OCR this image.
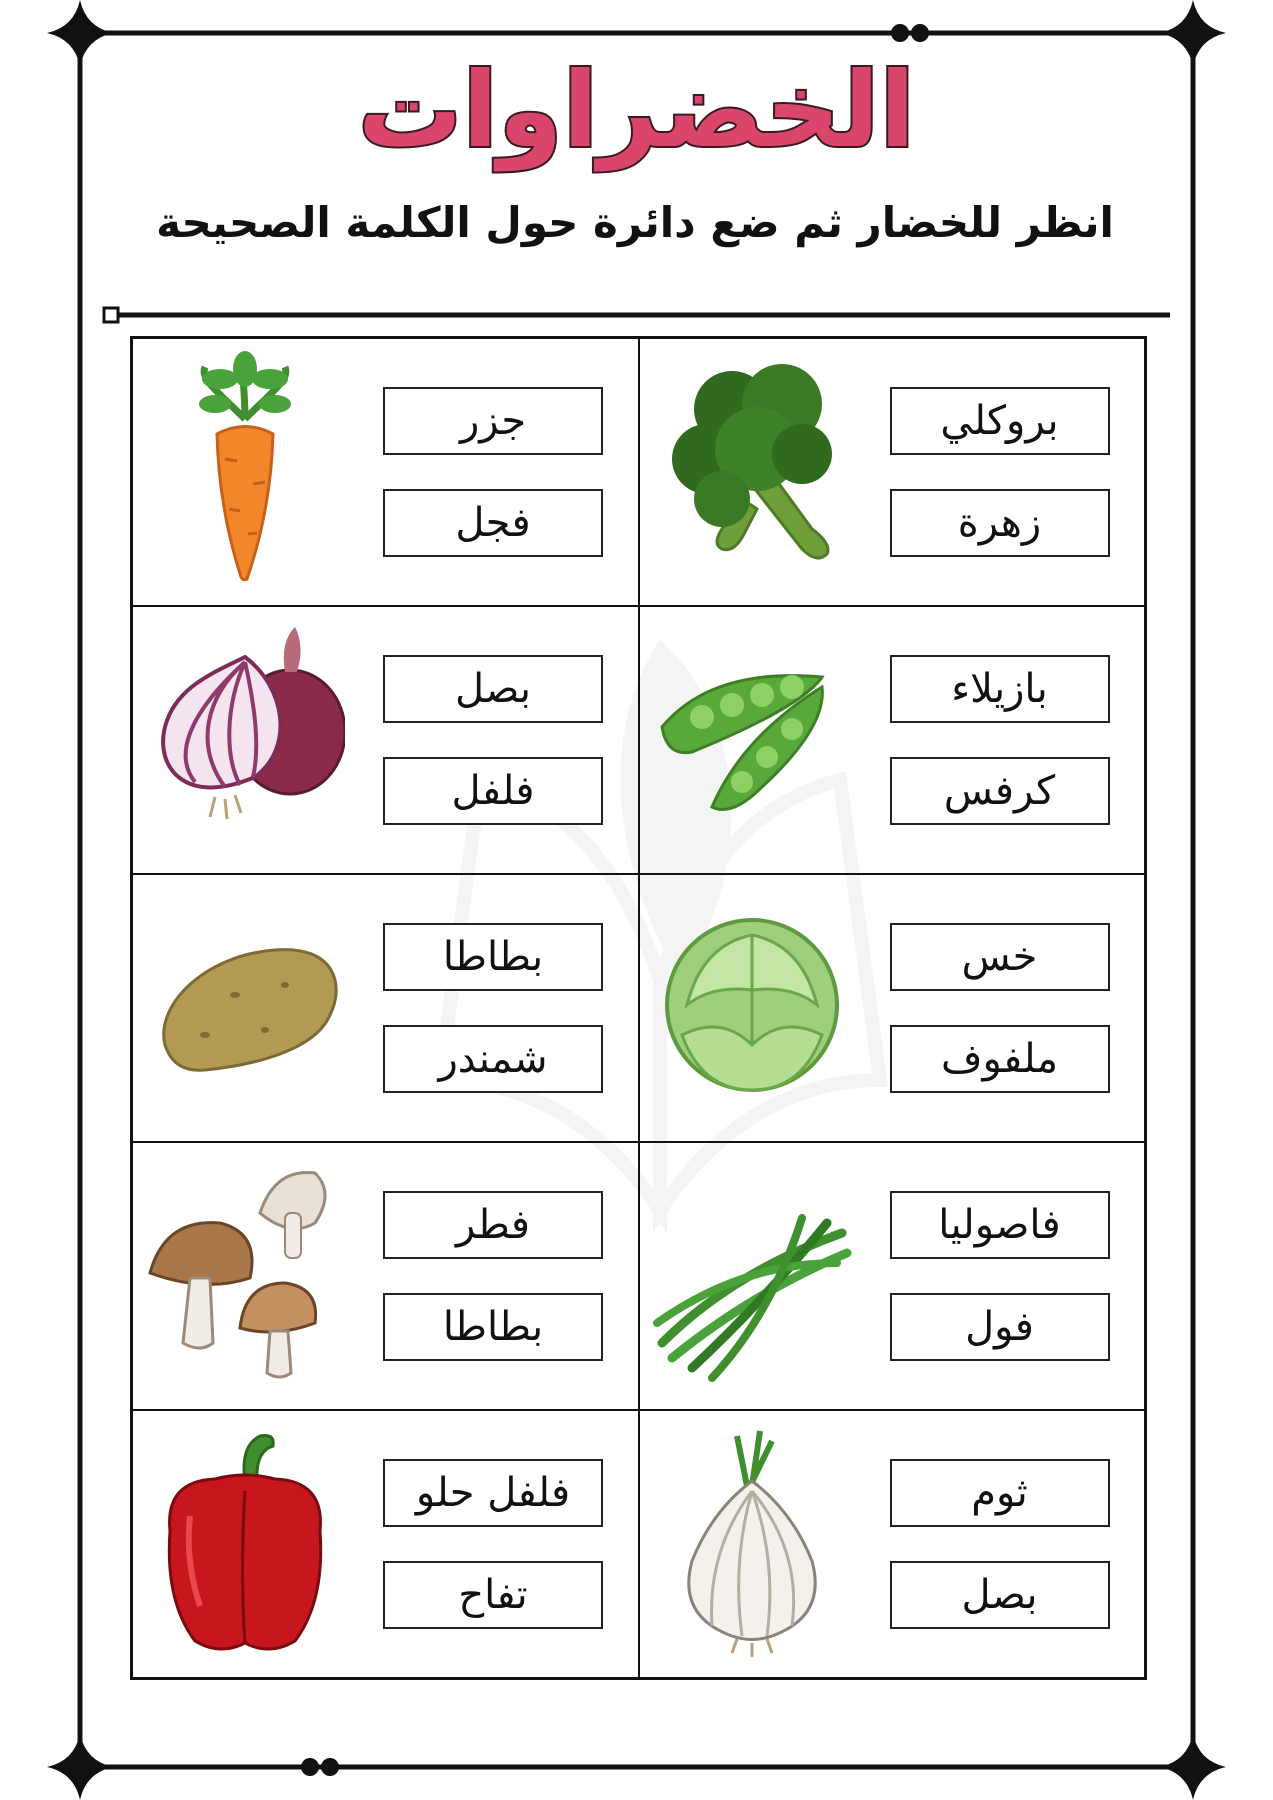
الخضراوات
انظر للخضار ثم ضع دائرة حول الكلمة الصحيحة
جزر
فجل
بروكلي
زهرة
بصل
فلفل
بازيلاء
كرفس
بطاطا
شمندر
خس
ملفوف
فطر
بطاطا
فاصوليا
فول
فلفل حلو
تفاح
ثوم
بصل
